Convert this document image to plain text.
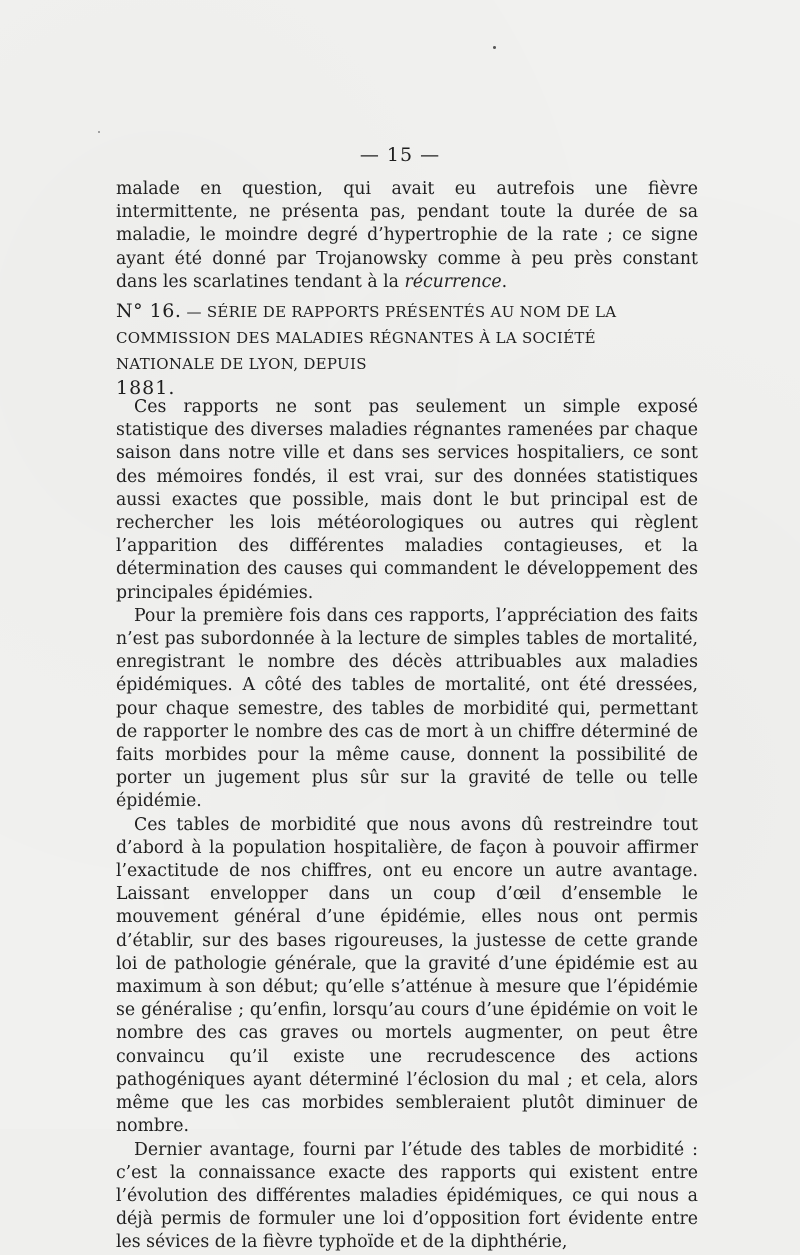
— 15 —

malade en question, qui avait eu autrefois une fièvre intermittente, ne présenta pas, pendant toute la durée de sa maladie, le moindre degré d’hypertrophie de la rate ; ce signe ayant été donné par Trojanowsky comme à peu près constant dans les scarlatines tendant à la récurrence.

N° 16. — SÉRIE DE RAPPORTS PRÉSENTÉS AU NOM DE LA COMMISSION DES MALADIES RÉGNANTES À LA SOCIÉTÉ NATIONALE DE LYON, DEPUIS
1881.

Ces rapports ne sont pas seulement un simple exposé statistique des diverses maladies régnantes ramenées par chaque saison dans notre ville et dans ses services hospitaliers, ce sont des mémoires fondés, il est vrai, sur des données statistiques aussi exactes que possible, mais dont le but principal est de rechercher les lois météorologiques ou autres qui règlent l’apparition des différentes maladies contagieuses, et la détermination des causes qui commandent le développement des principales épidémies.

Pour la première fois dans ces rapports, l’appréciation des faits n’est pas subordonnée à la lecture de simples tables de mortalité, enregistrant le nombre des décès attribuables aux maladies épidémiques. A côté des tables de mortalité, ont été dressées, pour chaque semestre, des tables de morbidité qui, permettant de rapporter le nombre des cas de mort à un chiffre déterminé de faits morbides pour la même cause, donnent la possibilité de porter un jugement plus sûr sur la gravité de telle ou telle épidémie.

Ces tables de morbidité que nous avons dû restreindre tout d’abord à la population hospitalière, de façon à pouvoir affirmer l’exactitude de nos chiffres, ont eu encore un autre avantage. Laissant envelopper dans un coup d’œil d’ensemble le mouvement général d’une épidémie, elles nous ont permis d’établir, sur des bases rigoureuses, la justesse de cette grande loi de pathologie générale, que la gravité d’une épidémie est au maximum à son début; qu’elle s’atténue à mesure que l’épidémie se généralise ; qu’enfin, lorsqu’au cours d’une épidémie on voit le nombre des cas graves ou mortels augmenter, on peut être convaincu qu’il existe une recrudescence des actions pathogéniques ayant déterminé l’éclosion du mal ; et cela, alors même que les cas morbides sembleraient plutôt diminuer de nombre.

Dernier avantage, fourni par l’étude des tables de morbidité : c’est la connaissance exacte des rapports qui existent entre l’évolution des différentes maladies épidémiques, ce qui nous a déjà permis de formuler une loi d’opposition fort évidente entre les sévices de la fièvre typhoïde et de la diphthérie,
